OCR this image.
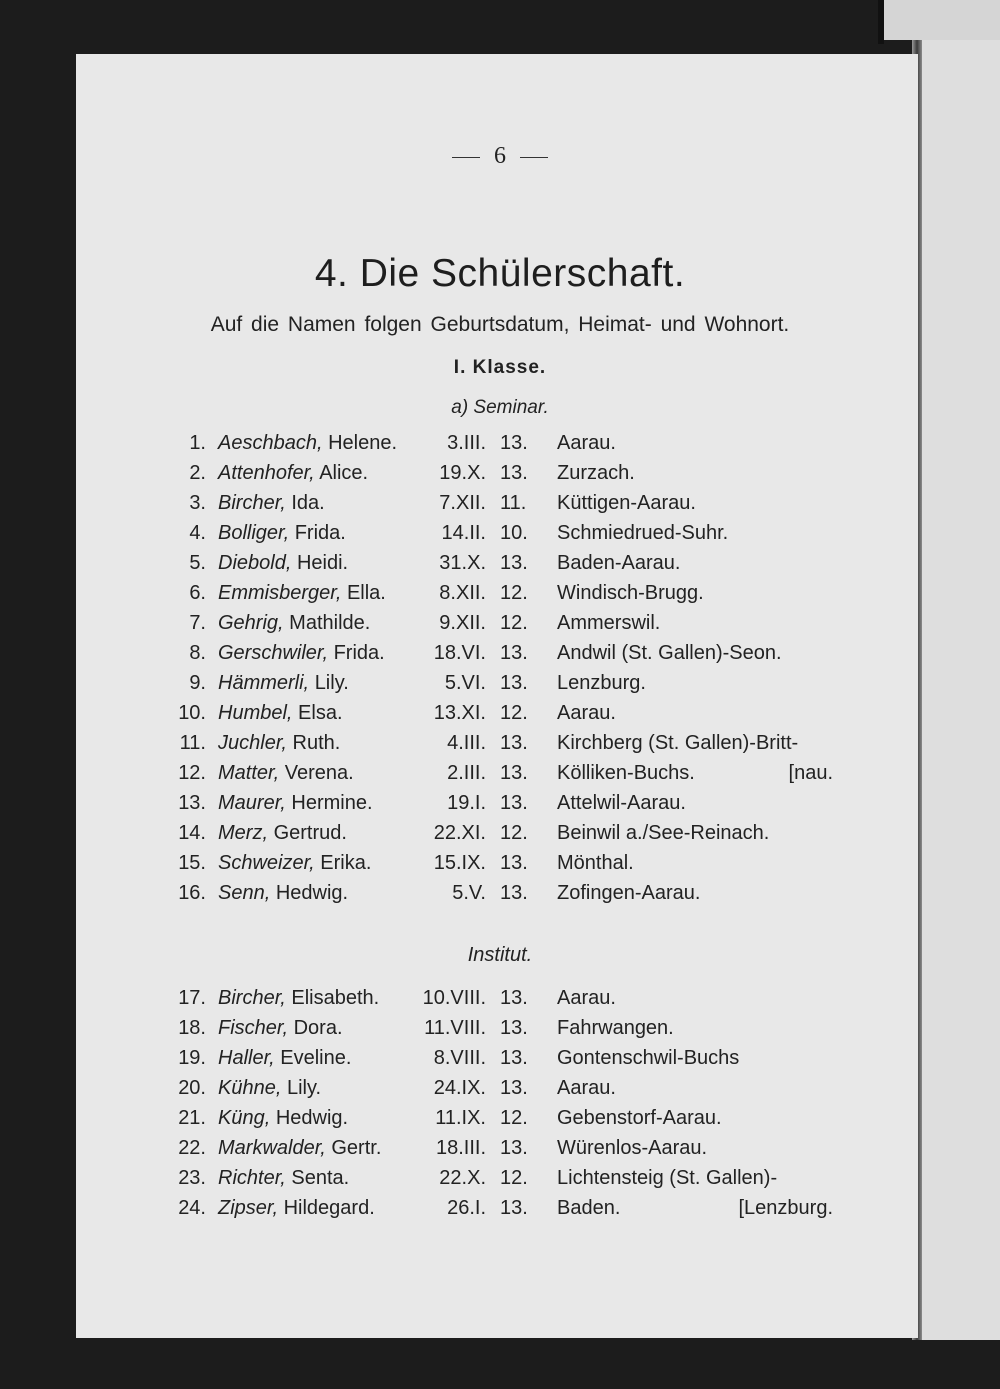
6
4. Die Schülerschaft.
Auf die Namen folgen Geburtsdatum, Heimat- und Wohnort.
I. Klasse.
a) Seminar.
Institut.
1. Aeschbach, Helene.	3.III. 13. Aarau.
2. Attenhofer, Alice.	19.X. 13. Zurzach.
3. Bircher, Ida.	7.XII. 11. Küttigen-Aarau.
4. Bolliger, Frida.	14.II. 10. Schmiedrued-Suhr.
5. Diebold, Heidi.	31.X. 13. Baden-Aarau.
6. Emmisberger, Ella.	8.XII. 12. Windisch-Brugg.
7. Gehrig, Mathilde.	9.XII. 12. Ammerswil.
8. Gerschwiler, Frida.	18.VI. 13. Andwil (St. Gallen)-Seon.
9. Hämmerli, Lily.	5.VI. 13. Lenzburg.
10. Humbel, Elsa.	13.XI. 12. Aarau.
11. Juchler, Ruth.	4.III. 13. Kirchberg (St. Gallen)-Britt-
12. Matter, Verena.	2.III. 13. Kölliken-Buchs.	[nau.
13. Maurer, Hermine.	19.I. 13. Attelwil-Aarau.
14. Merz, Gertrud.	22.XI. 12. Beinwil a./See-Reinach.
15. Schweizer, Erika.	15.IX. 13. Mönthal.
16. Senn, Hedwig.	5.V. 13. Zofingen-Aarau.
17. Bircher, Elisabeth.	10.VIII. 13. Aarau.
18. Fischer, Dora.	11.VIII. 13. Fahrwangen.
19. Haller, Eveline.	8.VIII. 13. Gontenschwil-Buchs
20. Kühne, Lily.	24.IX. 13. Aarau.
21. Küng, Hedwig.	11.IX. 12. Gebenstorf-Aarau.
22. Markwalder, Gertr.	18.III. 13. Würenlos-Aarau.
23. Richter, Senta.	22.X. 12. Lichtensteig (St. Gallen)-
24. Zipser, Hildegard.	26.I. 13. Baden.	[Lenzburg.
